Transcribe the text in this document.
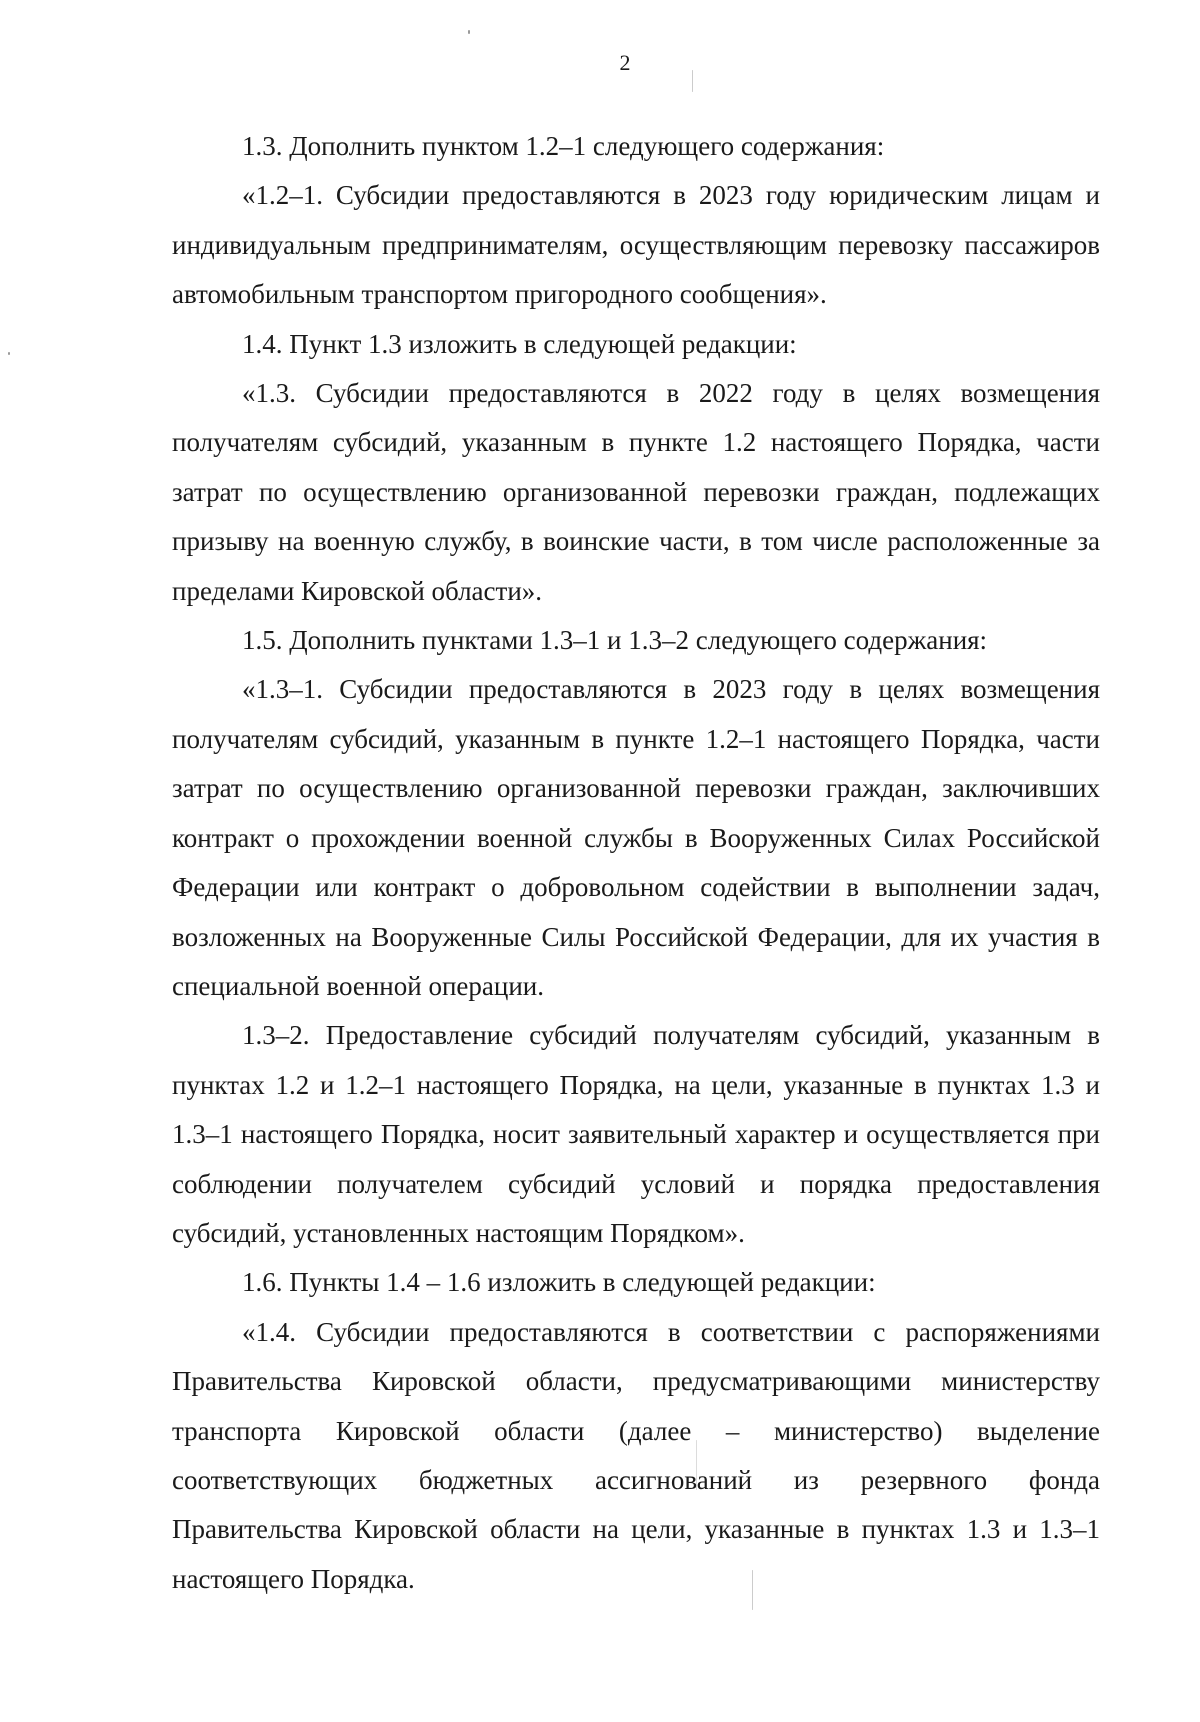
2

1.3. Дополнить пунктом 1.2–1 следующего содержания:

«1.2–1. Субсидии предоставляются в 2023 году юридическим лицам и индивидуальным предпринимателям, осуществляющим перевозку пассажиров автомобильным транспортом пригородного сообщения».

1.4. Пункт 1.3 изложить в следующей редакции:

«1.3. Субсидии предоставляются в 2022 году в целях возмещения получателям субсидий, указанным в пункте 1.2 настоящего Порядка, части затрат по осуществлению организованной перевозки граждан, подлежащих призыву на военную службу, в воинские части, в том числе расположенные за пределами Кировской области».

1.5. Дополнить пунктами 1.3–1 и 1.3–2 следующего содержания:

«1.3–1. Субсидии предоставляются в 2023 году в целях возмещения получателям субсидий, указанным в пункте 1.2–1 настоящего Порядка, части затрат по осуществлению организованной перевозки граждан, заключивших контракт о прохождении военной службы в Вооруженных Силах Российской Федерации или контракт о добровольном содействии в выполнении задач, возложенных на Вооруженные Силы Российской Федерации, для их участия в специальной военной операции.

1.3–2. Предоставление субсидий получателям субсидий, указанным в пунктах 1.2 и 1.2–1 настоящего Порядка, на цели, указанные в пунктах 1.3 и 1.3–1 настоящего Порядка, носит заявительный характер и осуществляется при соблюдении получателем субсидий условий и порядка предоставления субсидий, установленных настоящим Порядком».

1.6. Пункты 1.4 – 1.6 изложить в следующей редакции:

«1.4. Субсидии предоставляются в соответствии с распоряжениями Правительства Кировской области, предусматривающими министерству транспорта Кировской области (далее – министерство) выделение соответствующих бюджетных ассигнований из резервного фонда Правительства Кировской области на цели, указанные в пунктах 1.3 и 1.3–1 настоящего Порядка.
